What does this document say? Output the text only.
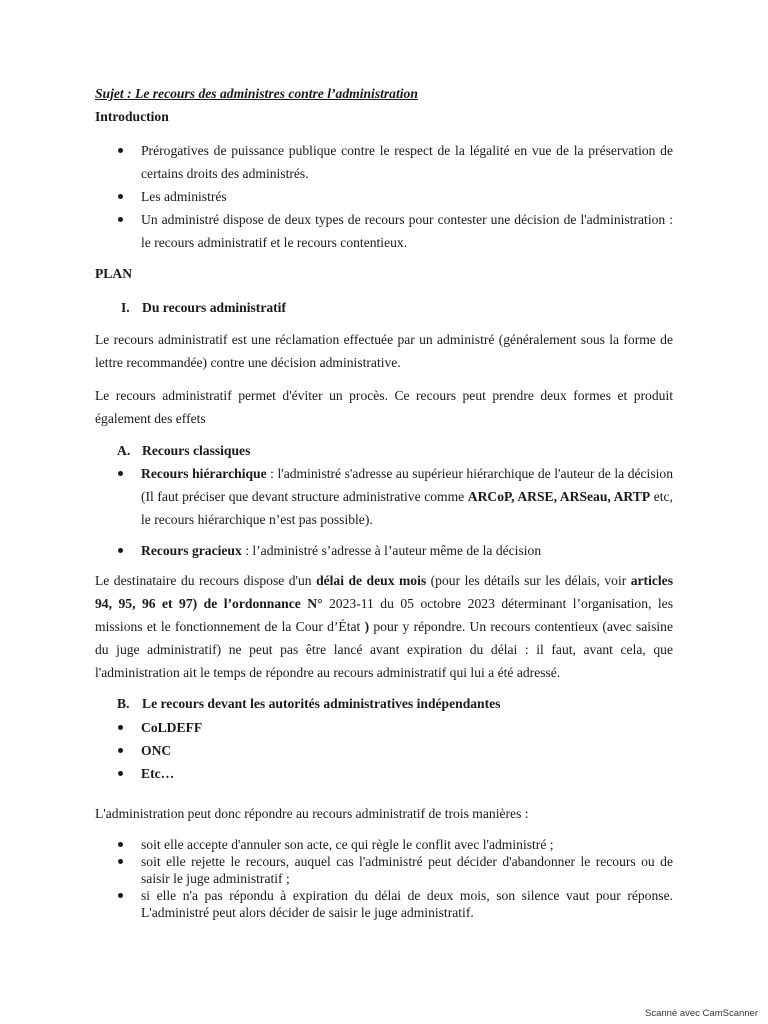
Sujet : Le recours des administres contre l’administration
Introduction
Prérogatives de puissance publique contre le respect de la légalité en vue de la préservation de certains droits des administrés.
Les administrés
Un administré dispose de deux types de recours pour contester une décision de l'administration : le recours administratif et le recours contentieux.
PLAN
I. Du recours administratif
Le recours administratif est une réclamation effectuée par un administré (généralement sous la forme de lettre recommandée) contre une décision administrative.
Le recours administratif permet d'éviter un procès. Ce recours peut prendre deux formes et produit également des effets
A. Recours classiques
Recours hiérarchique : l'administré s'adresse au supérieur hiérarchique de l'auteur de la décision (Il faut préciser que devant structure administrative comme ARCoP, ARSE, ARSeau, ARTP etc, le recours hiérarchique n’est pas possible).
Recours gracieux : l’administré s’adresse à l’auteur même de la décision
Le destinataire du recours dispose d'un délai de deux mois (pour les détails sur les délais, voir articles 94, 95, 96 et 97) de l’ordonnance N° 2023-11 du 05 octobre 2023 déterminant l’organisation, les missions et le fonctionnement de la Cour d’État ) pour y répondre. Un recours contentieux (avec saisine du juge administratif) ne peut pas être lancé avant expiration du délai : il faut, avant cela, que l'administration ait le temps de répondre au recours administratif qui lui a été adressé.
B. Le recours devant les autorités administratives indépendantes
CoLDEFF
ONC
Etc…
L'administration peut donc répondre au recours administratif de trois manières :
soit elle accepte d'annuler son acte, ce qui règle le conflit avec l'administré ;
soit elle rejette le recours, auquel cas l'administré peut décider d'abandonner le recours ou de saisir le juge administratif ;
si elle n'a pas répondu à expiration du délai de deux mois, son silence vaut pour réponse. L'administré peut alors décider de saisir le juge administratif.
Scanné avec CamScanner
